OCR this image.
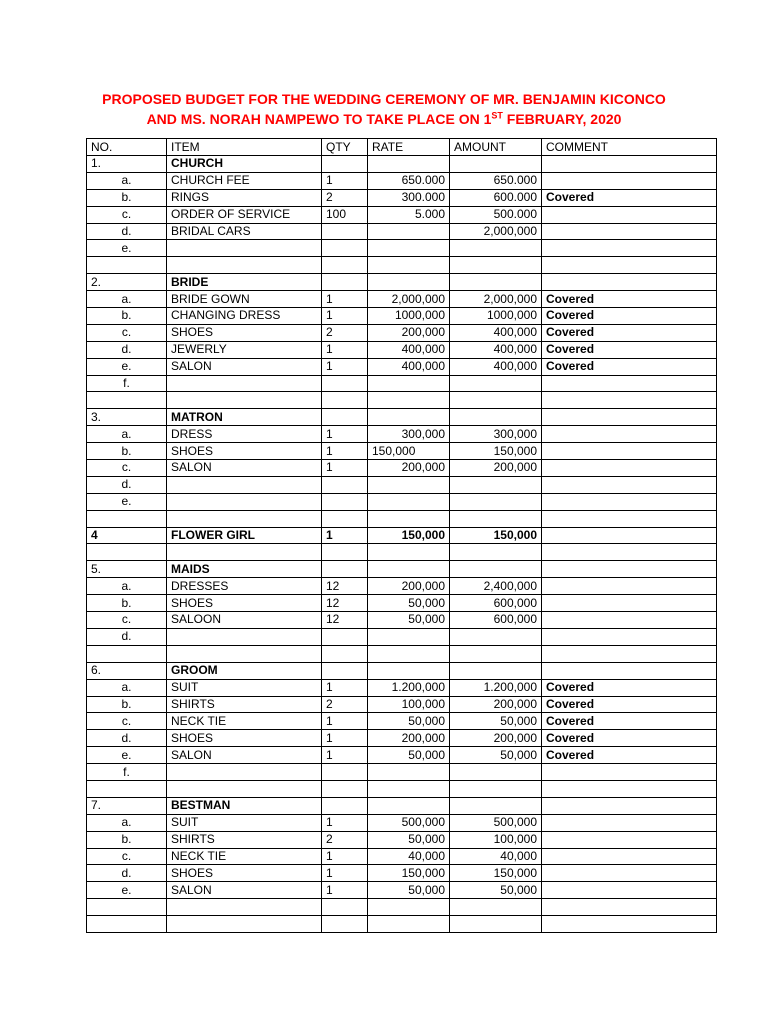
PROPOSED BUDGET FOR THE WEDDING CEREMONY OF MR. BENJAMIN KICONCO
AND MS. NORAH NAMPEWO TO TAKE PLACE ON 1ST FEBRUARY, 2020
NO.	ITEM	QTY	RATE	AMOUNT	COMMENT
1.	CHURCH				
a.	CHURCH FEE	1	650.000	650.000	
b.	RINGS	2	300.000	600.000	Covered
c.	ORDER OF SERVICE	100	5.000	500.000	
d.	BRIDAL CARS			2,000,000	
e.					

2.	BRIDE				
a.	BRIDE GOWN	1	2,000,000	2,000,000	Covered
b.	CHANGING DRESS	1	1000,000	1000,000	Covered
c.	SHOES	2	200,000	400,000	Covered
d.	JEWERLY	1	400,000	400,000	Covered
e.	SALON	1	400,000	400,000	Covered
f.					

3.	MATRON				
a.	DRESS	1	300,000	300,000	
b.	SHOES	1	150,000	150,000	
c.	SALON	1	200,000	200,000	
d.					
e.					

4	FLOWER GIRL	1	150,000	150,000	

5.	MAIDS				
a.	DRESSES	12	200,000	2,400,000	
b.	SHOES	12	50,000	600,000	
c.	SALOON	12	50,000	600,000	
d.					

6.	GROOM				
a.	SUIT	1	1.200,000	1.200,000	Covered
b.	SHIRTS	2	100,000	200,000	Covered
c.	NECK TIE	1	50,000	50,000	Covered
d.	SHOES	1	200,000	200,000	Covered
e.	SALON	1	50,000	50,000	Covered
f.					

7.	BESTMAN				
a.	SUIT	1	500,000	500,000	
b.	SHIRTS	2	50,000	100,000	
c.	NECK TIE	1	40,000	40,000	
d.	SHOES	1	150,000	150,000	
e.	SALON	1	50,000	50,000	
